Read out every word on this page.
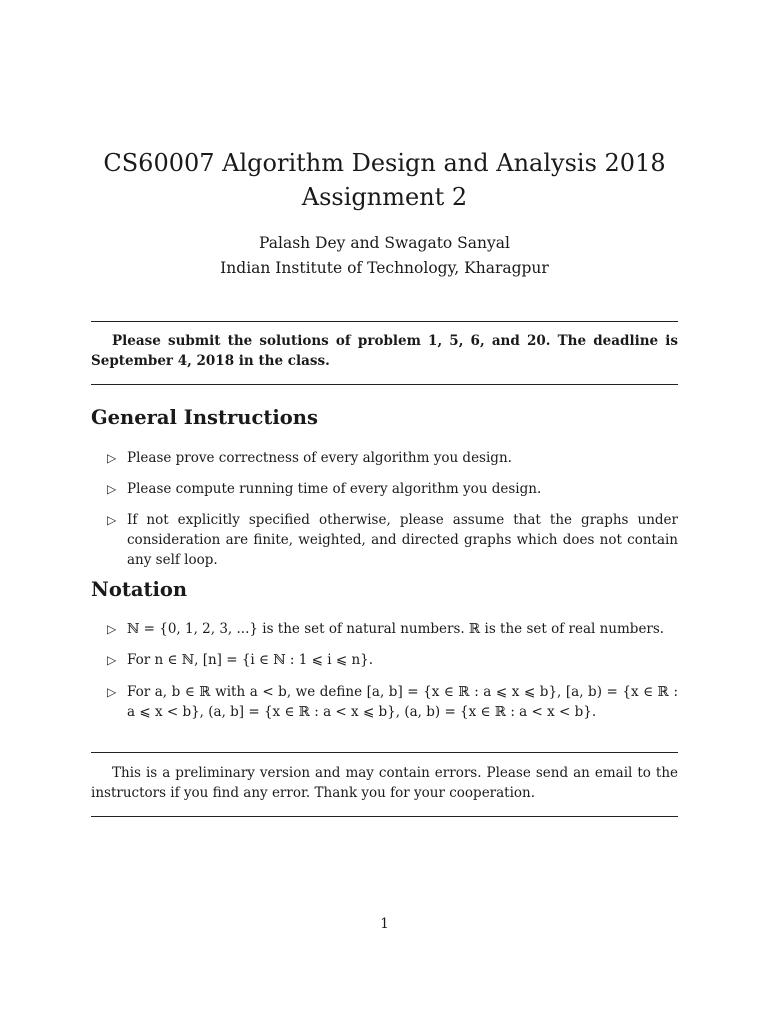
CS60007 Algorithm Design and Analysis 2018
Assignment 2
Palash Dey and Swagato Sanyal
Indian Institute of Technology, Kharagpur
Please submit the solutions of problem 1, 5, 6, and 20. The deadline is September 4, 2018 in the class.
General Instructions
▷ Please prove correctness of every algorithm you design.
▷ Please compute running time of every algorithm you design.
▷ If not explicitly specified otherwise, please assume that the graphs under consideration are finite, weighted, and directed graphs which does not contain any self loop.
Notation
▷ ℕ = {0, 1, 2, 3, ...} is the set of natural numbers. ℝ is the set of real numbers.
▷ For n ∈ ℕ, [n] = {i ∈ ℕ : 1 ⩽ i ⩽ n}.
▷ For a, b ∈ ℝ with a < b, we define [a, b] = {x ∈ ℝ : a ⩽ x ⩽ b}, [a, b) = {x ∈ ℝ : a ⩽ x < b}, (a, b] = {x ∈ ℝ : a < x ⩽ b}, (a, b) = {x ∈ ℝ : a < x < b}.
This is a preliminary version and may contain errors. Please send an email to the instructors if you find any error. Thank you for your cooperation.
1
